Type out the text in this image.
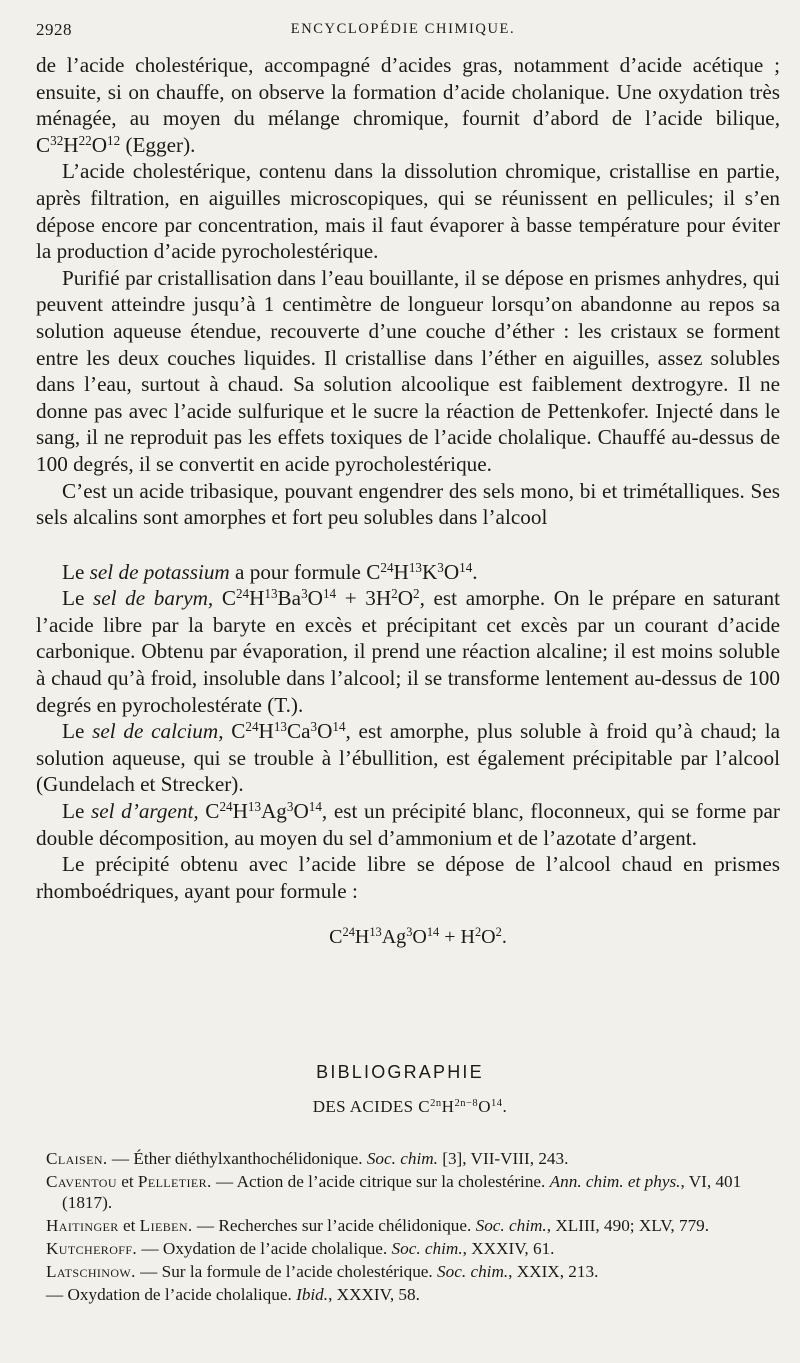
2928	ENCYCLOPÉDIE CHIMIQUE.

de l’acide cholestérique, accompagné d’acides gras, notamment d’acide acétique ; ensuite, si on chauffe, on observe la formation d’acide cholanique. Une oxydation très ménagée, au moyen du mélange chromique, fournit d’abord de l’acide bilique, $C^{32}H^{22}O^{12}$ (Egger).

L’acide cholestérique, contenu dans la dissolution chromique, cristallise en partie, après filtration, en aiguilles microscopiques, qui se réunissent en pellicules; il s’en dépose encore par concentration, mais il faut évaporer à basse température pour éviter la production d’acide pyrocholestérique.

Purifié par cristallisation dans l’eau bouillante, il se dépose en prismes anhydres, qui peuvent atteindre jusqu’à 1 centimètre de longueur lorsqu’on abandonne au repos sa solution aqueuse étendue, recouverte d’une couche d’éther : les cristaux se forment entre les deux couches liquides. Il cristallise dans l’éther en aiguilles, assez solubles dans l’eau, surtout à chaud. Sa solution alcoolique est faiblement dextrogyre. Il ne donne pas avec l’acide sulfurique et le sucre la réaction de Pettenkofer. Injecté dans le sang, il ne reproduit pas les effets toxiques de l’acide cholalique. Chauffé au-dessus de 100 degrés, il se convertit en acide pyrocholestérique.

C’est un acide tribasique, pouvant engendrer des sels mono, bi et trimétalliques. Ses sels alcalins sont amorphes et fort peu solubles dans l’alcool

Le sel de potassium a pour formule $C^{24}H^{13}K^3O^{14}$.

Le sel de barym, $C^{24}H^{13}Ba^3O^{14} + 3H^2O^2$, est amorphe. On le prépare en saturant l’acide libre par la baryte en excès et précipitant cet excès par un courant d’acide carbonique. Obtenu par évaporation, il prend une réaction alcaline; il est moins soluble à chaud qu’à froid, insoluble dans l’alcool; il se transforme lentement au-dessus de 100 degrés en pyrocholestérate (T.).

Le sel de calcium, $C^{24}H^{13}Ca^3O^{14}$, est amorphe, plus soluble à froid qu’à chaud; la solution aqueuse, qui se trouble à l’ébullition, est également précipitable par l’alcool (Gundelach et Strecker).

Le sel d’argent, $C^{24}H^{13}Ag^3O^{14}$, est un précipité blanc, floconneux, qui se forme par double décomposition, au moyen du sel d’ammonium et de l’azotate d’argent.

Le précipité obtenu avec l’acide libre se dépose de l’alcool chaud en prismes rhomboédriques, ayant pour formule :

$C^{24}H^{13}Ag^3O^{14} + H^2O^2$.
BIBLIOGRAPHIE
DES ACIDES $C^{2n}H^{2n-8}O^{14}$.

Claisen. — Éther diéthylxanthochélidonique. Soc. chim. [3], VII-VIII, 243.

Caventou et Pelletier. — Action de l’acide citrique sur la cholestérine. Ann. chim. et phys., VI, 401 (1817).

Haitinger et Lieben. — Recherches sur l’acide chélidonique. Soc. chim., XLIII, 490; XLV, 779.

Kutcheroff. — Oxydation de l’acide cholalique. Soc. chim., XXXIV, 61.

Latschinow. — Sur la formule de l’acide cholestérique. Soc. chim., XXIX, 213.

— Oxydation de l’acide cholalique. Ibid., XXXIV, 58.
